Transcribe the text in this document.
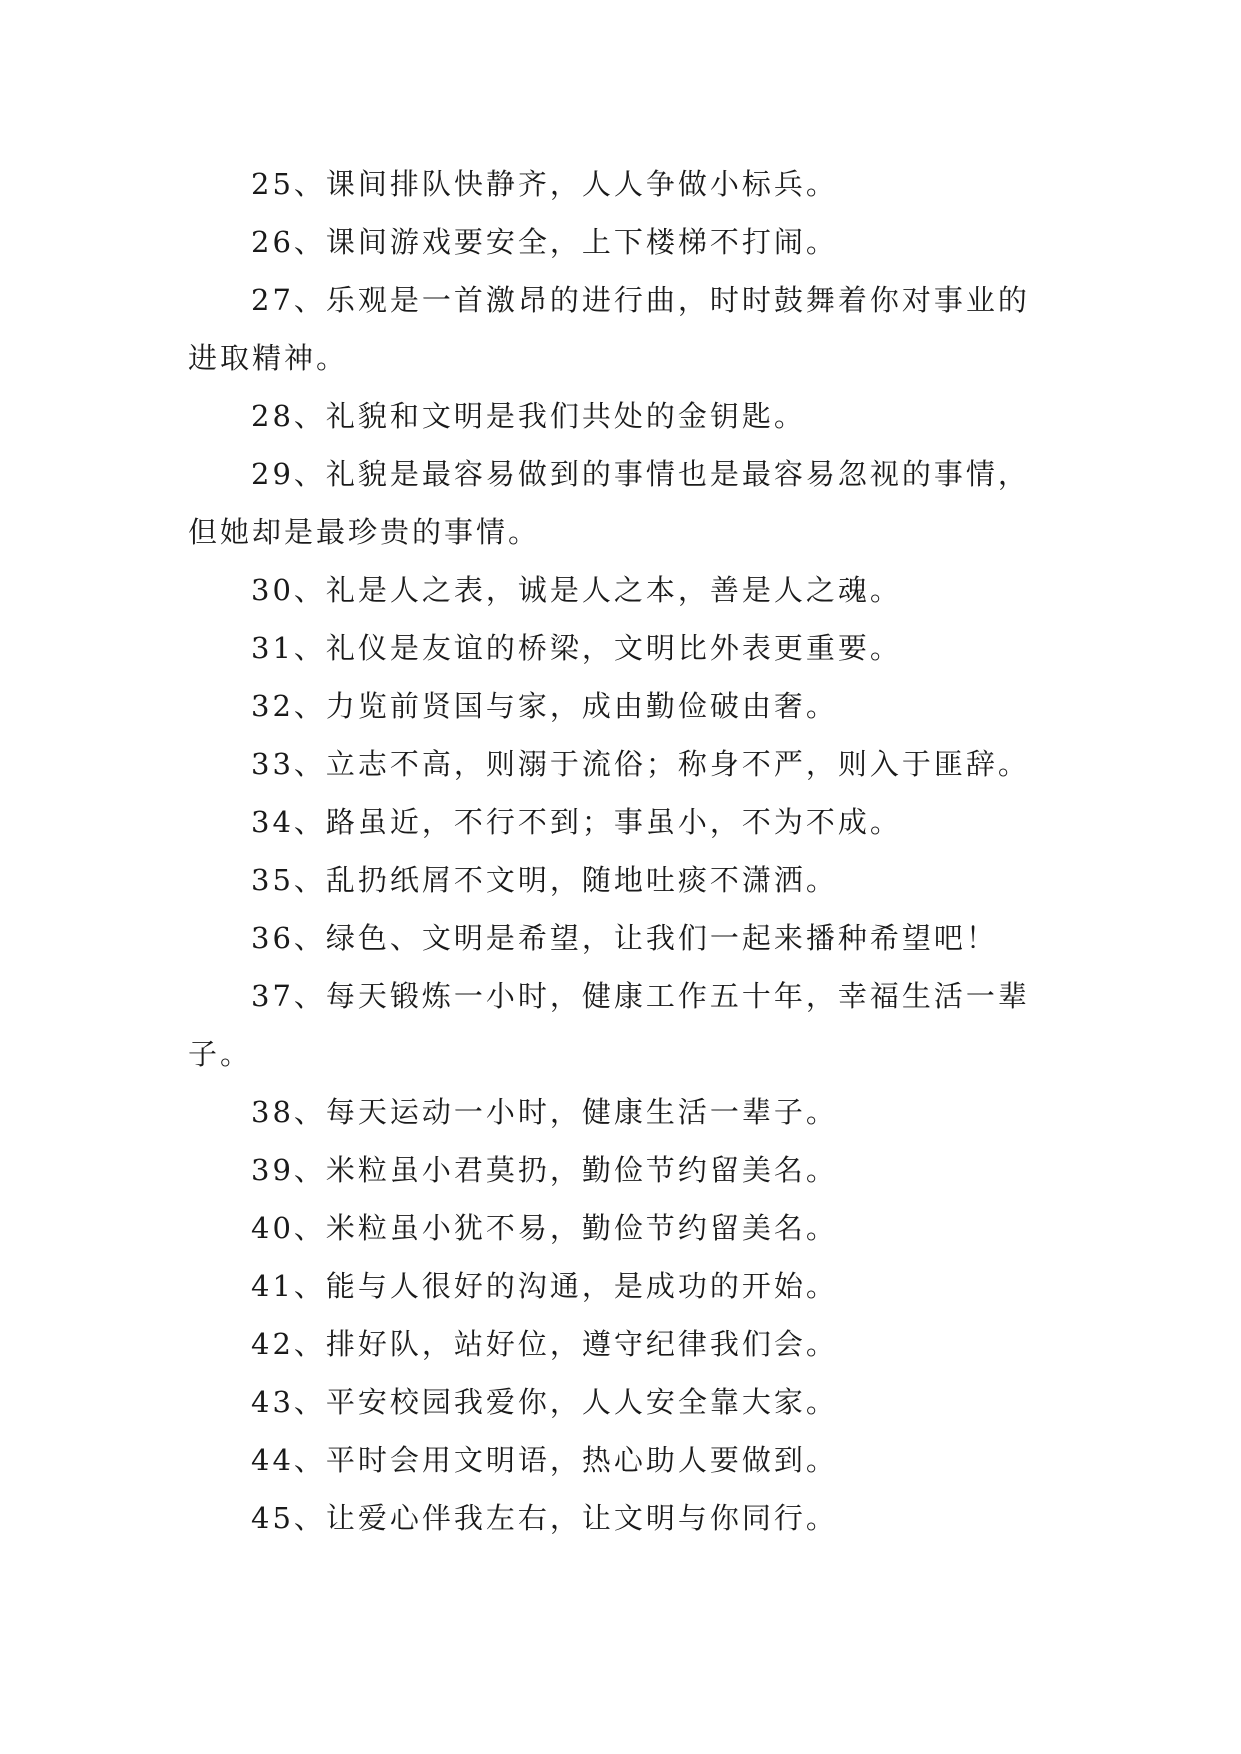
25、课间排队快静齐，人人争做小标兵。

26、课间游戏要安全，上下楼梯不打闹。

27、乐观是一首激昂的进行曲，时时鼓舞着你对事业的进取精神。

28、礼貌和文明是我们共处的金钥匙。

29、礼貌是最容易做到的事情也是最容易忽视的事情，但她却是最珍贵的事情。

30、礼是人之表，诚是人之本，善是人之魂。

31、礼仪是友谊的桥梁，文明比外表更重要。

32、力览前贤国与家，成由勤俭破由奢。

33、立志不高，则溺于流俗；称身不严，则入于匪辞。

34、路虽近，不行不到；事虽小，不为不成。

35、乱扔纸屑不文明，随地吐痰不潇洒。

36、绿色、文明是希望，让我们一起来播种希望吧！

37、每天锻炼一小时，健康工作五十年，幸福生活一辈子。

38、每天运动一小时，健康生活一辈子。

39、米粒虽小君莫扔，勤俭节约留美名。

40、米粒虽小犹不易，勤俭节约留美名。

41、能与人很好的沟通，是成功的开始。

42、排好队，站好位，遵守纪律我们会。

43、平安校园我爱你，人人安全靠大家。

44、平时会用文明语，热心助人要做到。

45、让爱心伴我左右，让文明与你同行。
